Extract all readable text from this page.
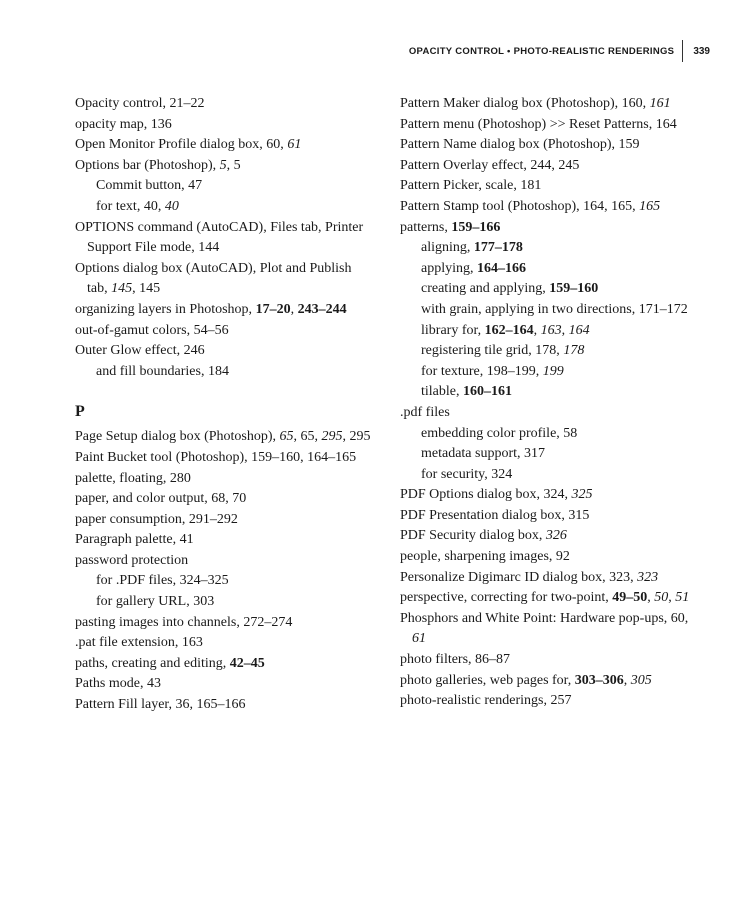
OPACITY CONTROL • PHOTO-REALISTIC RENDERINGS	339
Opacity control, 21–22
opacity map, 136
Open Monitor Profile dialog box, 60, 61
Options bar (Photoshop), 5, 5
Commit button, 47
for text, 40, 40
OPTIONS command (AutoCAD), Files tab, Printer Support File mode, 144
Options dialog box (AutoCAD), Plot and Publish tab, 145, 145
organizing layers in Photoshop, 17–20, 243–244
out-of-gamut colors, 54–56
Outer Glow effect, 246
and fill boundaries, 184
P
Page Setup dialog box (Photoshop), 65, 65, 295, 295
Paint Bucket tool (Photoshop), 159–160, 164–165
palette, floating, 280
paper, and color output, 68, 70
paper consumption, 291–292
Paragraph palette, 41
password protection
for .PDF files, 324–325
for gallery URL, 303
pasting images into channels, 272–274
.pat file extension, 163
paths, creating and editing, 42–45
Paths mode, 43
Pattern Fill layer, 36, 165–166
Pattern Maker dialog box (Photoshop), 160, 161
Pattern menu (Photoshop) >> Reset Patterns, 164
Pattern Name dialog box (Photoshop), 159
Pattern Overlay effect, 244, 245
Pattern Picker, scale, 181
Pattern Stamp tool (Photoshop), 164, 165, 165
patterns, 159–166
aligning, 177–178
applying, 164–166
creating and applying, 159–160
with grain, applying in two directions, 171–172
library for, 162–164, 163, 164
registering tile grid, 178, 178
for texture, 198–199, 199
tilable, 160–161
.pdf files
embedding color profile, 58
metadata support, 317
for security, 324
PDF Options dialog box, 324, 325
PDF Presentation dialog box, 315
PDF Security dialog box, 326
people, sharpening images, 92
Personalize Digimarc ID dialog box, 323, 323
perspective, correcting for two-point, 49–50, 50, 51
Phosphors and White Point: Hardware pop-ups, 60, 61
photo filters, 86–87
photo galleries, web pages for, 303–306, 305
photo-realistic renderings, 257
